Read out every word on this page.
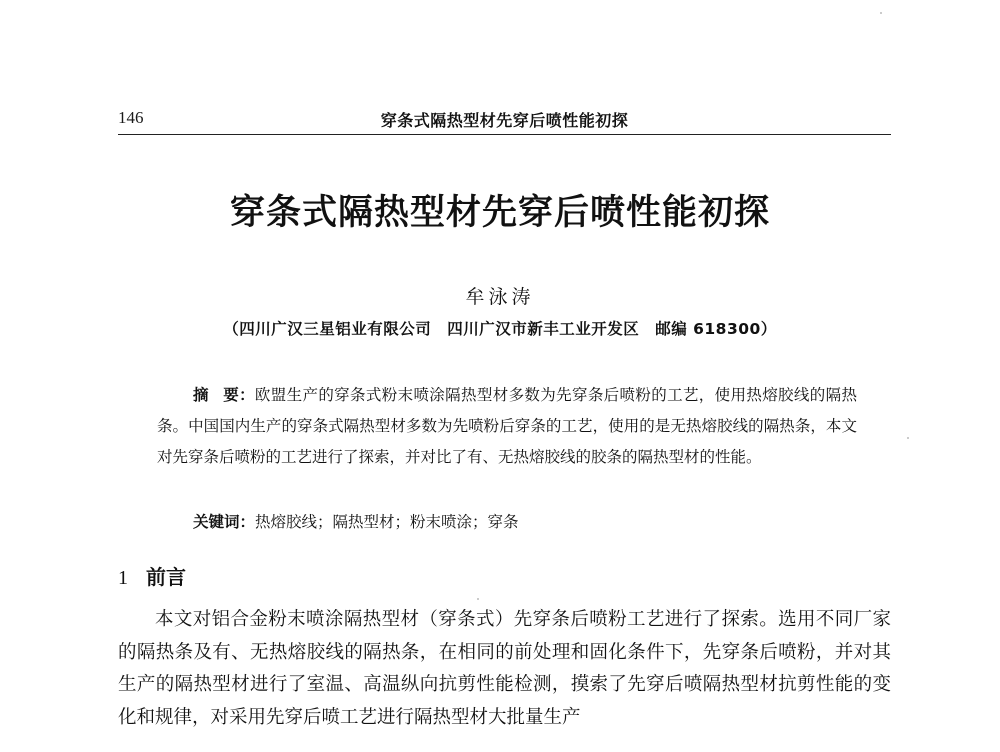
146	穿条式隔热型材先穿后喷性能初探
穿条式隔热型材先穿后喷性能初探
牟泳涛
（四川广汉三星铝业有限公司　四川广汉市新丰工业开发区　邮编 618300）

摘 要：欧盟生产的穿条式粉末喷涂隔热型材多数为先穿条后喷粉的工艺，使用热熔胶线的隔热条。中国国内生产的穿条式隔热型材多数为先喷粉后穿条的工艺，使用的是无热熔胶线的隔热条，本文对先穿条后喷粉的工艺进行了探索，并对比了有、无热熔胶线的胶条的隔热型材的性能。

关键词：热熔胶线；隔热型材；粉末喷涂；穿条
1 前言

本文对铝合金粉末喷涂隔热型材（穿条式）先穿条后喷粉工艺进行了探索。选用不同厂家的隔热条及有、无热熔胶线的隔热条，在相同的前处理和固化条件下，先穿条后喷粉，并对其生产的隔热型材进行了室温、高温纵向抗剪性能检测，摸索了先穿后喷隔热型材抗剪性能的变化和规律，对采用先穿后喷工艺进行隔热型材大批量生产
